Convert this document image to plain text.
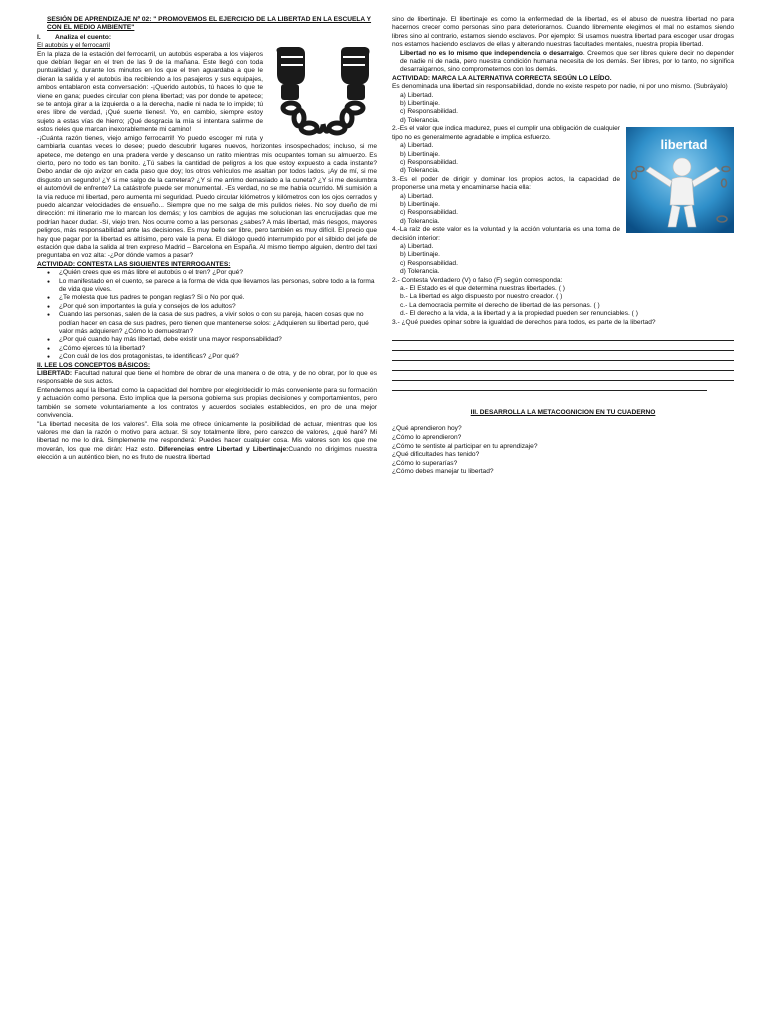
SESIÓN DE APRENDIZAJE Nº 02: " PROMOVEMOS EL EJERCICIO DE LA LIBERTAD EN LA ESCUELA Y CON EL MEDIO AMBIENTE"
I. Analiza el cuento:

El autobús y el ferrocarril
En la plaza de la estación del ferrocarril, un autobús esperaba a los viajeros que debían llegar en el tren de las 9 de la mañana. Este llegó con toda puntualidad y, durante los minutos en los que el tren aguardaba a que le dieran la salida y el autobús iba recibiendo a los pasajeros y sus equipajes, ambos entablaron esta conversación: -¡Querido autobús, tú haces lo que te viene en gana; puedes circular con plena libertad; vas por donde te apetece; se te antoja girar a la izquierda o a la derecha, nadie ni nada te lo impide; tú eres libre de verdad, ¡Qué suerte tienes!. Yo, en cambio, siempre estoy sujeto a estas vías de hierro; ¡Qué desgracia la mía si intentara salirme de estos rieles que marcan inexorablemente mi camino!

-¡Cuánta razón tienes, viejo amigo ferrocarril! Yo puedo escoger mi ruta y cambiarla cuantas veces lo desee; puedo descubrir lugares nuevos, horizontes insospechados; incluso, si me apetece, me detengo en una pradera verde y descanso un ratito mientras mis ocupantes toman su almuerzo. Es cierto, pero no todo es tan bonito. ¿Tú sabes la cantidad de peligros a los que estoy expuesto a cada instante? Debo andar de ojo avizor en cada paso que doy; los otros vehículos me asaltan por todos lados. ¡Ay de mí, si me disgusto un segundo! ¿Y si me salgo de la carretera? ¿Y si me arrimo demasiado a la cuneta? ¿Y si me desiumbra el automóvil de enfrente? La catástrofe puede ser monumental. -Es verdad, no se me había ocurrido. Mi sumisión a la vía reduce mi libertad, pero aumenta mi seguridad. Puedo circular kilómetros y kilómetros con los ojos cerrados y puedo alcanzar velocidades de ensueño... Siempre que no me salga de mis pulidos rieles. No soy dueño de mi dirección: mi itinerario me lo marcan los demás; y los cambios de agujas me solucionan las encrucijadas que me podrían hacer dudar. -Sí, viejo tren. Nos ocurre como a las personas ¿sabes? A más libertad, más riesgos, mayores peligros, más responsabilidad ante las decisiones. Es muy bello ser libre, pero también es muy difícil. El precio que hay que pagar por la libertad es altísimo, pero vale la pena. El diálogo quedó interrumpido por el silbido del jefe de estación que daba la salida al tren expreso Madrid – Barcelona en España. Al mismo tiempo alguien, dentro del taxi preguntaba en voz alta: -¿Por dónde vamos a pasar?

ACTIVIDAD: CONTESTA LAS SIGUIENTES INTERROGANTES:
● ¿Quién crees que es más libre el autobús o el tren? ¿Por qué?
● Lo manifestado en el cuento, se parece a la forma de vida que llevamos las personas, sobre todo a la forma de vida que vives.
● ¿Te molesta que tus padres te pongan reglas? Si o No por qué.
● ¿Por qué son importantes la guía y consejos de los adultos?
● Cuando las personas, salen de la casa de sus padres, a vivir solos o con su pareja, hacen cosas que no podían hacer en casa de sus padres, pero tienen que mantenerse solos: ¿Adquieren su libertad pero, qué valor más adquieren? ¿Cómo lo demuestran?
● ¿Por qué cuando hay más libertad, debe existir una mayor responsabilidad?
● ¿Cómo ejerces tú la libertad?
● ¿Con cuál de los dos protagonistas, te identificas? ¿Por qué?
II. LEE LOS CONCEPTOS BÁSICOS:

LIBERTAD: Facultad natural que tiene el hombre de obrar de una manera o de otra, y de no obrar, por lo que es responsable de sus actos.

Entendemos aquí la libertad como la capacidad del hombre por elegir/decidir lo más conveniente para su formación y actuación como persona. Esto implica que la persona gobierna sus propias decisiones y comportamientos, pero también se somete voluntariamente a los contratos y acuerdos sociales establecidos, en pro de una mejor convivencia.

"La libertad necesita de los valores". Ella sola me ofrece únicamente la posibilidad de actuar, mientras que los valores me dan la razón o motivo para actuar. Si soy totalmente libre, pero carezco de valores, ¿qué haré? Mi libertad no me lo dirá. Simplemente me responderá: Puedes hacer cualquier cosa. Mis valores son los que me moverán, los que me dirán: Haz esto. Diferencias entre Libertad y Libertinaje:Cuando no dirigimos nuestra elección a un auténtico bien, no es fruto de nuestra libertad

sino de libertinaje. El libertinaje es como la enfermedad de la libertad, es el abuso de nuestra libertad no para hacernos crecer como personas sino para deteriorarnos. Cuando libremente elegimos el mal no estamos siendo libres sino al contrario, estamos siendo esclavos. Por ejemplo: Si usamos nuestra libertad para escoger usar drogas nos estamos haciendo esclavos de ellas y alterando nuestras facultades mentales, nuestra propia libertad.

Libertad no es lo mismo que independencia o desarraigo. Creemos que ser libres quiere decir no depender de nadie ni de nada, pero nuestra condición humana necesita de los demás. Ser libres, por lo tanto, no significa desarraigarnos, sino comprometernos con los demás.

ACTIVIDAD: MARCA LA ALTERNATIVA CORRECTA SEGÚN LO LEÍDO.

Es denominada una libertad sin responsabilidad, donde no existe respeto por nadie, ni por uno mismo. (Subráyalo)

a) Libertad.
b) Libertinaje.
c) Responsabilidad.
d) Tolerancia.
libertad

2.-Es el valor que indica madurez, pues el cumplir una obligación de cualquier tipo no es generalmente agradable e implica esfuerzo.

a) Libertad.
b) Libertinaje.
c) Responsabilidad.
d) Tolerancia.

3.-Es el poder de dirigir y dominar los propios actos, la capacidad de proponerse una meta y encaminarse hacia ella:

a) Libertad.
b) Libertinaje.
c) Responsabilidad.
d) Tolerancia.

4.-La raíz de este valor es la voluntad y la acción voluntaria es una toma de decisión interior:

a) Libertad.
b) Libertinaje.
c) Responsabilidad.
d) Tolerancia.
2.- Contesta Verdadero (V) o falso (F) según corresponda:
a.- El Estado es el que determina nuestras libertades. ( )
b.- La libertad es algo dispuesto por nuestro creador. ( )
c.- La democracia permite el derecho de libertad de las personas. ( )
d.- El derecho a la vida, a la libertad y a la propiedad pueden ser renunciables. ( )
3.- ¿Qué puedes opinar sobre la igualdad de derechos para todos, es parte de la libertad?
III. DESARROLLA LA METACOGNICION EN TU CUADERNO
¿Qué aprendieron hoy?
¿Cómo lo aprendieron?
¿Cómo te sentiste al participar en tu aprendizaje?
¿Qué dificultades has tenido?
¿Cómo lo superarías?
¿Cómo debes manejar tu libertad?
